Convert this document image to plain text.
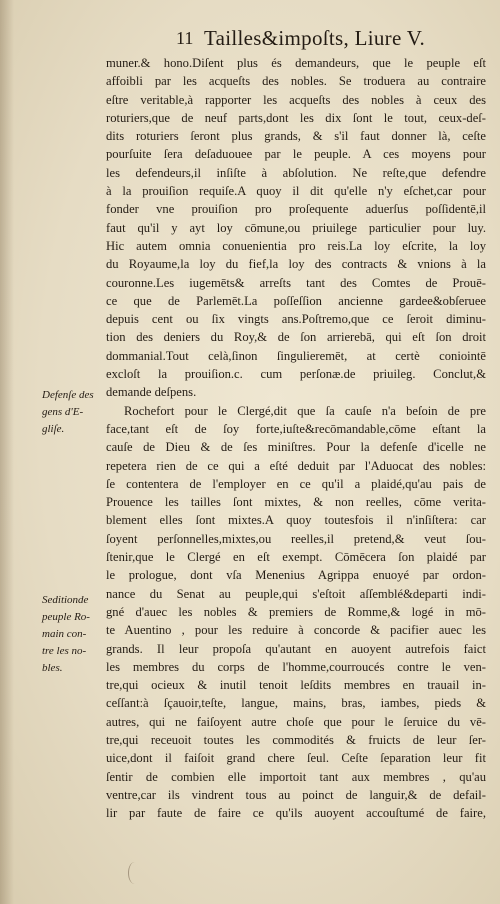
11 Tailles&impoſts, Liure V.
muner.& hono.Diſent plus és demandeurs, que le peuple eſt
affoibli par les acqueſts des nobles. Se troduera au contraire
eſtre veritable,à rapporter les acqueſts des nobles à ceux des
roturiers,que de neuf parts,dont les dix ſont le tout, ceux-deſ-
dits roturiers ſeront plus grands, & s'il faut donner là, ceſte
pourſuite ſera deſaduouee par le peuple. A ces moyens pour
les defendeurs,il inſiſte à abſolution. Ne reſte,que defendre
à la prouiſion requiſe.A quoy il dit qu'elle n'y eſchet,car pour
fonder vne prouiſion pro proſequente aduerſus poſſidentē,il
faut qu'il y ayt loy cōmune,ou priuilege particulier pour luy.
Hic autem omnia conuenientia pro reis.La loy eſcrite, la loy
du Royaume,la loy du fief,la loy des contracts & vnions à la
couronne.Les iugemēts& arreſts tant des Comtes de Prouē-
ce que de Parlemēt.La poſſeſſion ancienne gardee&obſeruee
depuis cent ou ſix vingts ans.Poſtremo,que ce ſeroit diminu-
tion des deniers du Roy,& de ſon arrierebā, qui eſt ſon droit
dommanial.Tout celà,ſinon ſingulieremēt, at certè coniointē
excloſt la prouiſion.c. cum perſonæ.de priuileg. Conclut,&
demande deſpens.
Rochefort pour le Clergé,dit que ſa cauſe n'a beſoin de pre
face,tant eſt de ſoy forte,iuſte&recōmandable,cōme eſtant la
cauſe de Dieu & de ſes miniſtres. Pour la defenſe d'icelle ne
repetera rien de ce qui a eſté deduit par l'Aduocat des nobles:
ſe contentera de l'employer en ce qu'il a plaidé,qu'au pais de
Prouence les tailles ſont mixtes, & non reelles, cōme verita-
blement elles ſont mixtes.A quoy toutesfois il n'inſiſtera: car
ſoyent perſonnelles,mixtes,ou reelles,il pretend,& veut ſou-
ſtenir,que le Clergé en eſt exempt. Cōmēcera ſon plaidé par
le prologue, dont vſa Menenius Agrippa enuoyé par ordon-
nance du Senat au peuple,qui s'eſtoit aſſemblé&departi indi-
gné d'auec les nobles & premiers de Romme,& logé in mō-
te Auentino , pour les reduire à concorde & pacifier auec les
grands. Il leur propoſa qu'autant en auoyent autrefois faict
les membres du corps de l'homme,courroucés contre le ven-
tre,qui ocieux & inutil tenoit leſdits membres en trauail in-
ceſſant:à ſçauoir,teſte, langue, mains, bras, iambes, pieds &
autres, qui ne faiſoyent autre choſe que pour le ſeruice du vē-
tre,qui receuoit toutes les commodités & fruicts de leur ſer-
uice,dont il faiſoit grand chere ſeul. Ceſte ſeparation leur fit
ſentir de combien elle importoit tant aux membres , qu'au
ventre,car ils vindrent tous au poinct de languir,& de defail-
lir par faute de faire ce qu'ils auoyent accouſtumé de faire,
Defenſe des
gens d'E-
gliſe.
Seditionde
peuple Ro-
main con-
tre les no-
bles.
